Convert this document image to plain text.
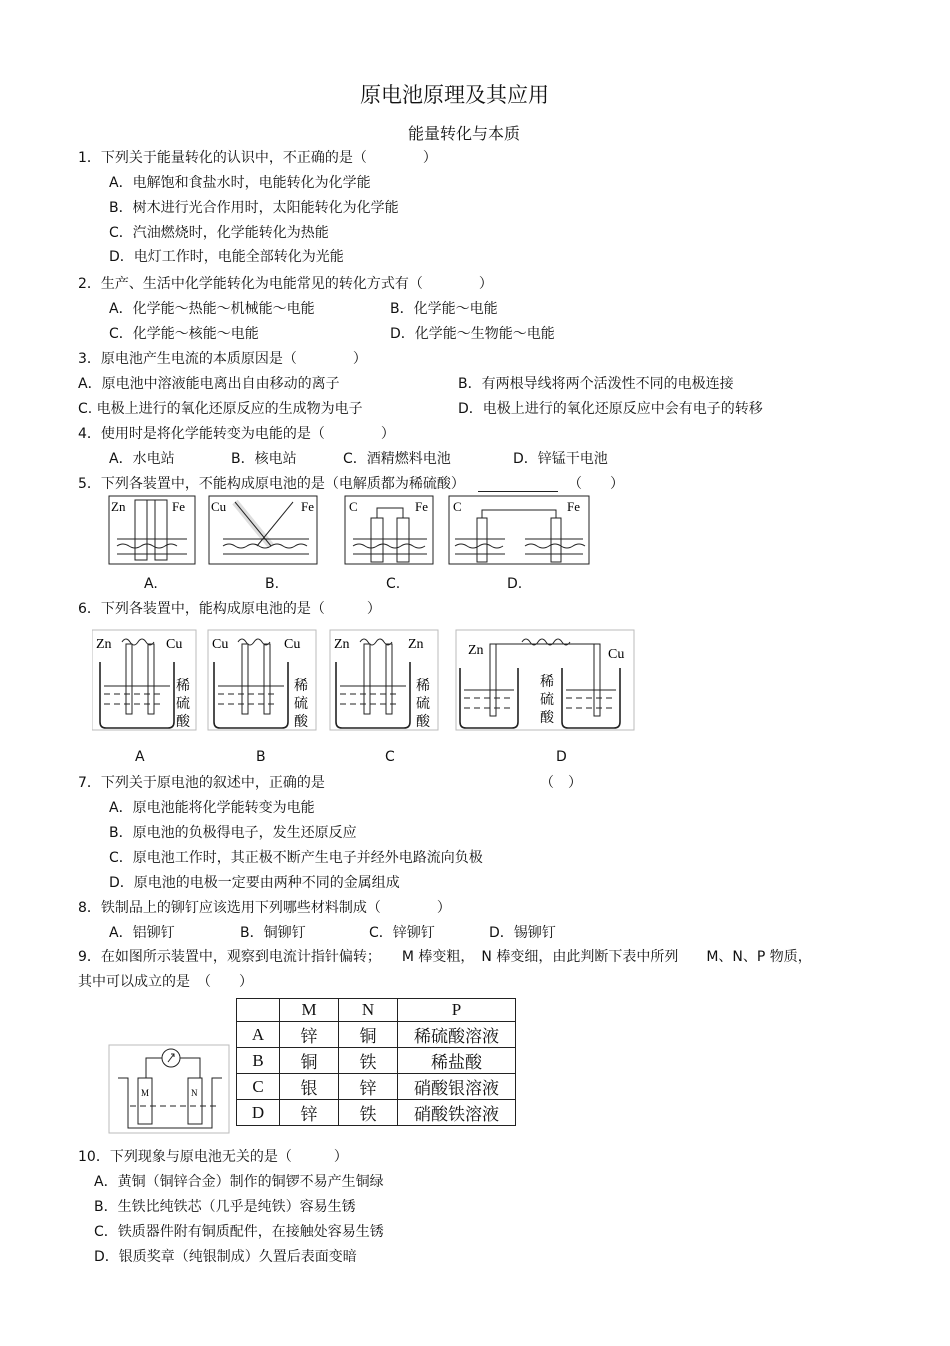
原电池原理及其应用
能量转化与本质
1．下列关于能量转化的认识中，不正确的是（　　　　）
A．电解饱和食盐水时，电能转化为化学能
B．树木进行光合作用时，太阳能转化为化学能
C．汽油燃烧时，化学能转化为热能
D．电灯工作时，电能全部转化为光能
2．生产、生活中化学能转化为电能常见的转化方式有（　　　　）
A．化学能～热能～机械能～电能	B．化学能～电能
C．化学能～核能～电能	D．化学能～生物能～电能
3．原电池产生电流的本质原因是（　　　　）
A．原电池中溶液能电离出自由移动的离子	B．有两根导线将两个活泼性不同的电极连接
C. 电极上进行的氧化还原反应的生成物为电子	D．电极上进行的氧化还原反应中会有电子的转移
4．使用时是将化学能转变为电能的是（　　　　）
A．水电站	B．核电站	C．酒精燃料电池	D．锌锰干电池
5．下列各装置中，不能构成原电池的是（电解质都为稀硫酸）	（　　）
Zn	Fe Cu	Fe	C	Fe C	Fe
A.	B.	C.	D.
6．下列各装置中，能构成原电池的是（　　　）
Zn	Cu
稀
硫
酸
Cu	Cu
稀
硫
酸
Zn	Zn
稀
硫
酸
Zn	Cu
稀
硫
酸
A	B	C	D
7．下列关于原电池的叙述中，正确的是	（　）
A．原电池能将化学能转变为电能
B．原电池的负极得电子，发生还原反应
C．原电池工作时，其正极不断产生电子并经外电路流向负极
D．原电池的电极一定要由两种不同的金属组成
8．铁制品上的铆钉应该选用下列哪些材料制成（　　　　）
A．铝铆钉	B．铜铆钉	C．锌铆钉	D．锡铆钉
9．在如图所示装置中，观察到电流计指针偏转；　　M 棒变粗，　N 棒变细，由此判断下表中所列　　M、N、P 物质，
其中可以成立的是　（　　）
M	N
	M	N	P
A	锌	铜	稀硫酸溶液
B	铜	铁	稀盐酸
C	银	锌	硝酸银溶液
D	锌	铁	硝酸铁溶液
10．下列现象与原电池无关的是（　　　）
A．黄铜（铜锌合金）制作的铜锣不易产生铜绿
B．生铁比纯铁芯（几乎是纯铁）容易生锈
C．铁质器件附有铜质配件，在接触处容易生锈
D．银质奖章（纯银制成）久置后表面变暗
